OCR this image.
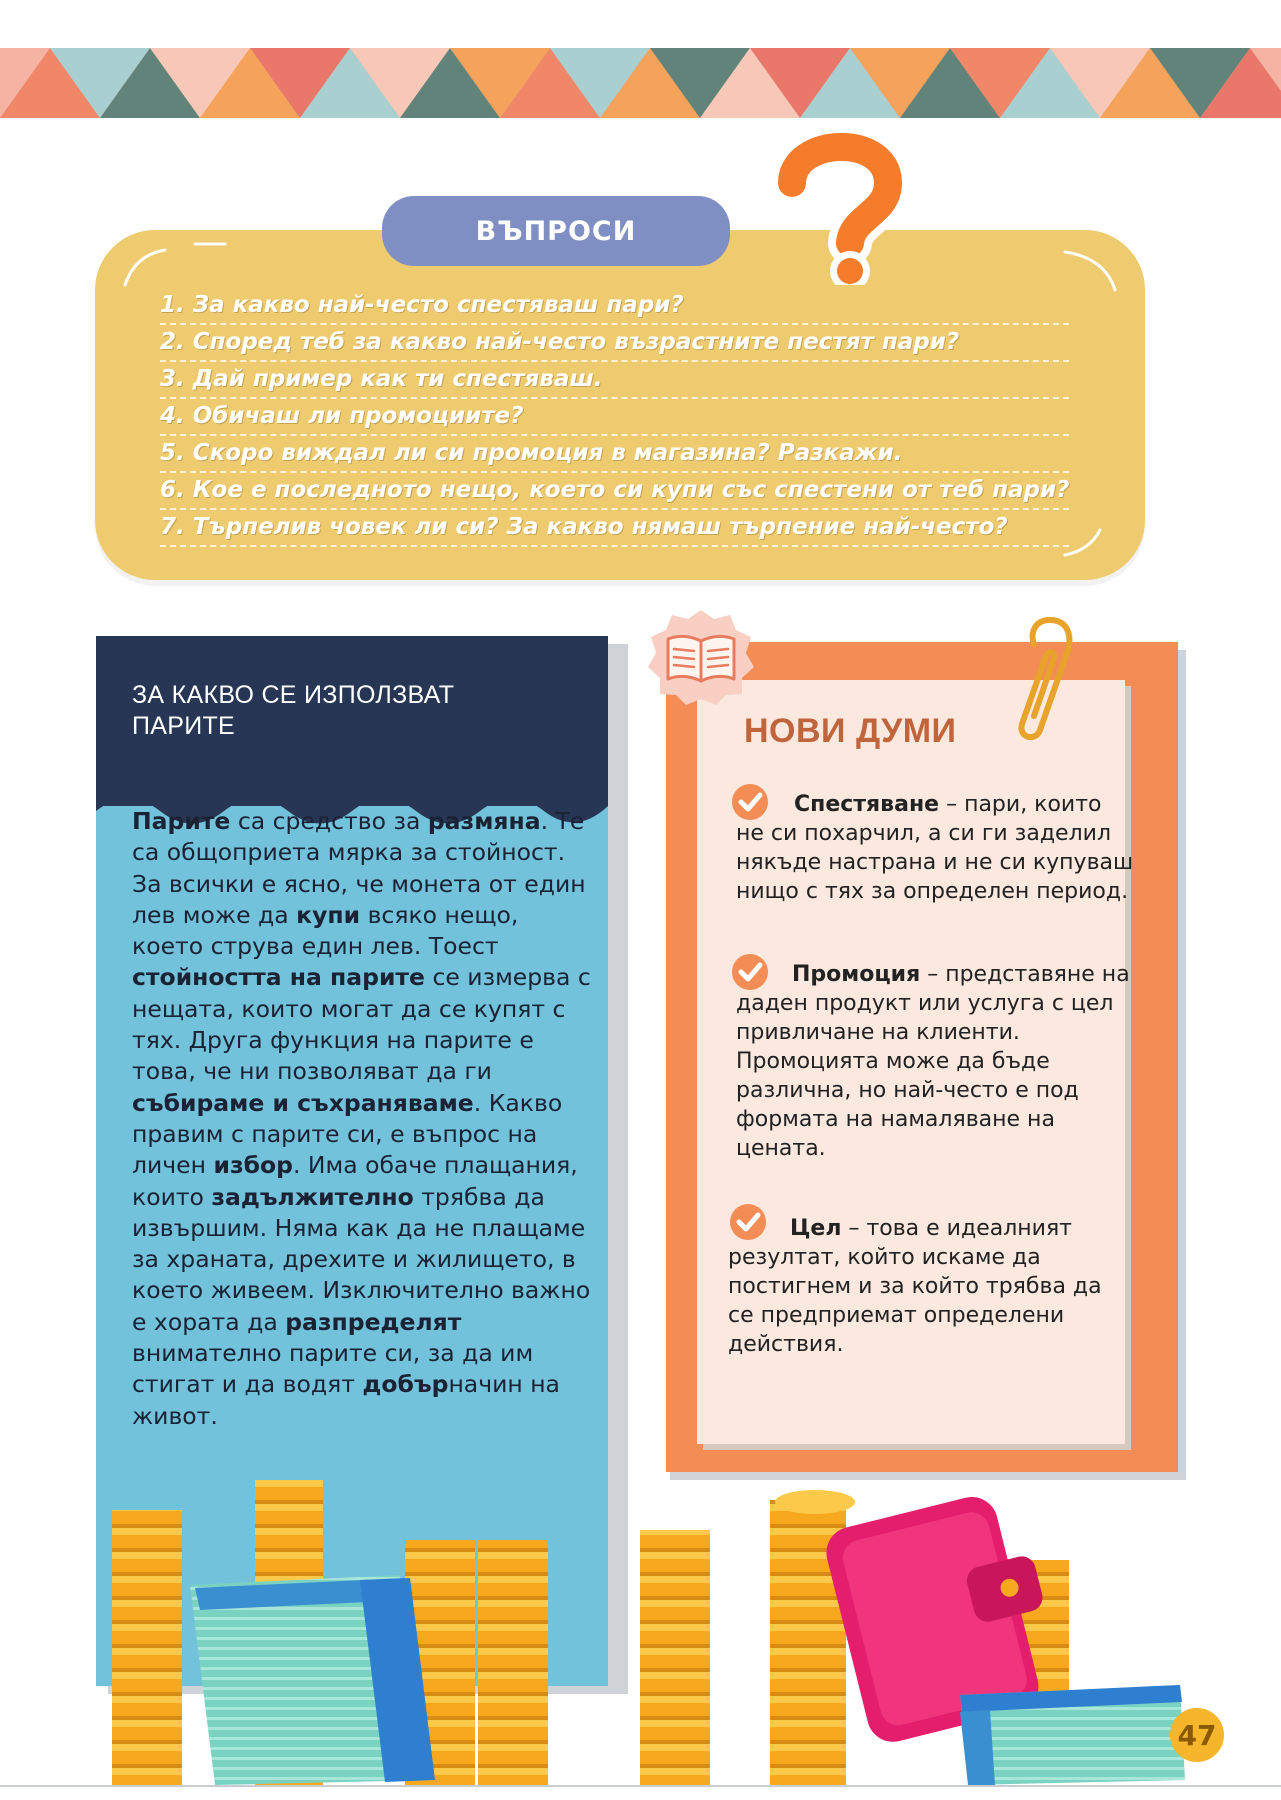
ВЪПРОСИ
1. За какво най-често спестяваш пари?
2. Според теб за какво най-често възрастните пестят пари?
3. Дай пример как ти спестяваш.
4. Обичаш ли промоциите?
5. Скоро виждал ли си промоция в магазина? Разкажи.
6. Кое е последното нещо, което си купи със спестени от теб пари?
7. Търпелив човек ли си? За какво нямаш търпение най-често?
ЗА КАКВО СЕ ИЗПОЛЗВАТ
ПАРИТЕ

Парите са средство за размяна. Те са общоприета мярка за стойност. За всички е ясно, че монета от един лев може да купи всяко нещо, което струва един лев. Тоест стойността на парите се измерва с нещата, които могат да се купят с тях. Друга функция на парите е това, че ни позволяват да ги събираме и съхраняваме. Какво правим с парите си, е въпрос на личен избор. Има обаче плащания, които задължително трябва да извършим. Няма как да не плащаме за храната, дрехите и жилището, в което живеем. Изключително важно е хората да разпределят внимателно парите си, за да им стигат и да водят добърначин на живот.

НОВИ ДУМИ

Спестяване – пари, които не си похарчил, а си ги заделил някъде настрана и не си купуваш нищо с тях за определен период.

Промоция – представяне на даден продукт или услуга с цел привличане на клиенти. Промоцията може да бъде различна, но най-често е под формата на намаляване на цената.

Цел – това е идеалният резултат, който искаме да постигнем и за който трябва да се предприемат определени действия.

47
